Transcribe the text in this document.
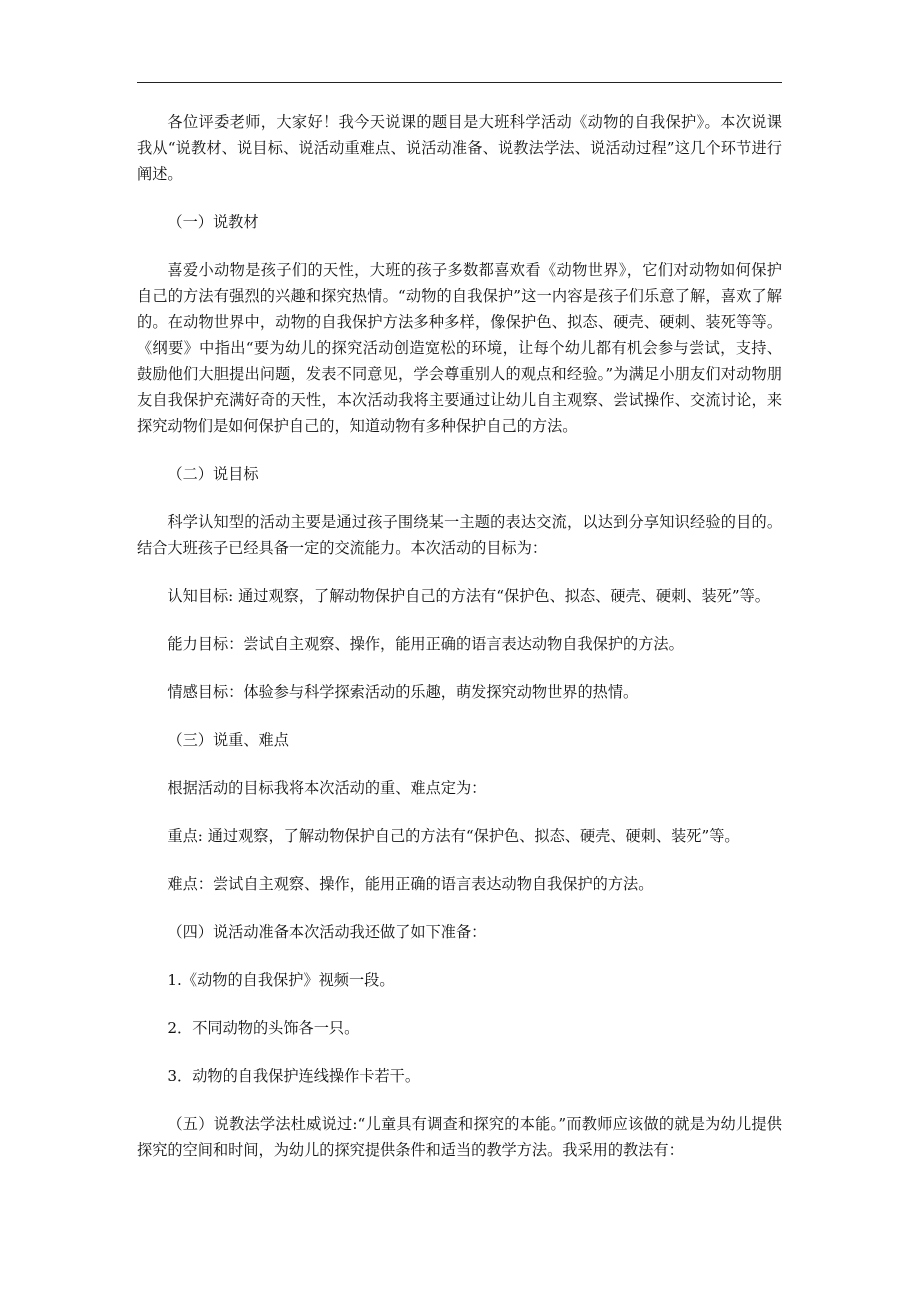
各位评委老师，大家好！我今天说课的题目是大班科学活动《动物的自我保护》。本次说课我从“说教材、说目标、说活动重难点、说活动准备、说教法学法、说活动过程”这几个环节进行阐述。

（一）说教材

喜爱小动物是孩子们的天性，大班的孩子多数都喜欢看《动物世界》，它们对动物如何保护自己的方法有强烈的兴趣和探究热情。“动物的自我保护”这一内容是孩子们乐意了解，喜欢了解的。在动物世界中，动物的自我保护方法多种多样，像保护色、拟态、硬壳、硬刺、装死等等。《纲要》中指出“要为幼儿的探究活动创造宽松的环境，让每个幼儿都有机会参与尝试，支持、鼓励他们大胆提出问题，发表不同意见，学会尊重别人的观点和经验。”为满足小朋友们对动物朋友自我保护充满好奇的天性，本次活动我将主要通过让幼儿自主观察、尝试操作、交流讨论，来探究动物们是如何保护自己的，知道动物有多种保护自己的方法。

（二）说目标

科学认知型的活动主要是通过孩子围绕某一主题的表达交流，以达到分享知识经验的目的。结合大班孩子已经具备一定的交流能力。本次活动的目标为：

认知目标: 通过观察，了解动物保护自己的方法有“保护色、拟态、硬壳、硬刺、装死”等。

能力目标：尝试自主观察、操作，能用正确的语言表达动物自我保护的方法。

情感目标：体验参与科学探索活动的乐趣，萌发探究动物世界的热情。

（三）说重、难点

根据活动的目标我将本次活动的重、难点定为：

重点: 通过观察，了解动物保护自己的方法有“保护色、拟态、硬壳、硬刺、装死”等。

难点：尝试自主观察、操作，能用正确的语言表达动物自我保护的方法。

（四）说活动准备本次活动我还做了如下准备：

1.《动物的自我保护》视频一段。

2．不同动物的头饰各一只。

3．动物的自我保护连线操作卡若干。

（五）说教法学法杜威说过:“儿童具有调查和探究的本能。”而教师应该做的就是为幼儿提供探究的空间和时间，为幼儿的探究提供条件和适当的教学方法。我采用的教法有：
